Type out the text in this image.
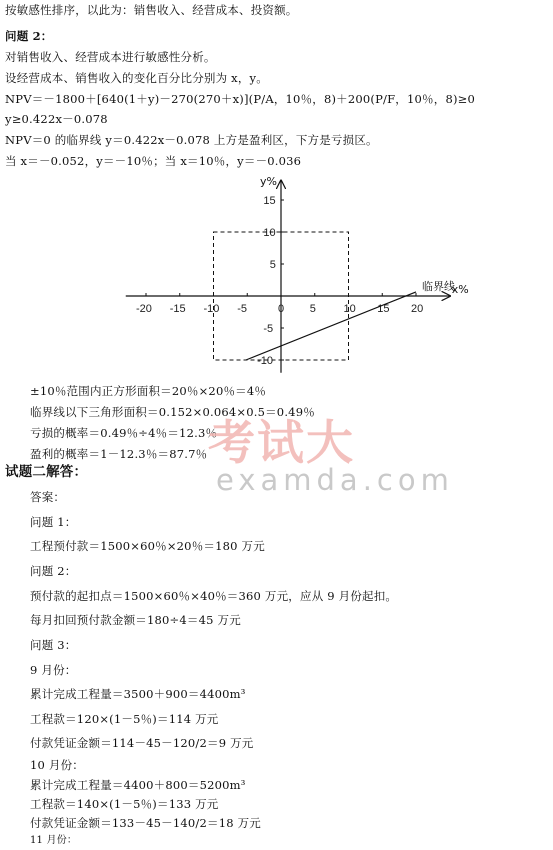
按敏感性排序，以此为：销售收入、经营成本、投资额。
问题 2：
对销售收入、经营成本进行敏感性分析。
设经营成本、销售收入的变化百分比分别为 x，y。
NPV＝－1800＋[640(1＋y)－270(270＋x)](P/A，10％，8)＋200(P/F，10％，8)≥0
y≥0.422x－0.078
NPV＝0 的临界线 y＝0.422x－0.078 上方是盈利区，下方是亏损区。
当 x＝－0.052，y＝－10％；当 x＝10％，y＝－0.036
x%
y%
-20 -15 -10 -5	0 5	10 15 20
15
10
5
-5
-10
临界线
±10％范围内正方形面积＝20％×20％＝4％
临界线以下三角形面积＝0.152×0.064×0.5＝0.49％
亏损的概率＝0.49％÷4％＝12.3％
盈利的概率＝1－12.3％＝87.7％ 考试大
examda.com
试题二解答：
答案：
问题 1：
工程预付款＝1500×60％×20％＝180 万元
问题 2：
预付款的起扣点＝1500×60％×40％＝360 万元，应从 9 月份起扣。
每月扣回预付款金额＝180÷4＝45 万元
问题 3：
9 月份：
累计完成工程量＝3500＋900＝4400m³
工程款＝120×(1－5％)＝114 万元
付款凭证金额＝114－45－120/2＝9 万元
10 月份：
累计完成工程量＝4400＋800＝5200m³
工程款＝140×(1－5％)＝133 万元
付款凭证金额＝133－45－140/2＝18 万元
11 月份：
